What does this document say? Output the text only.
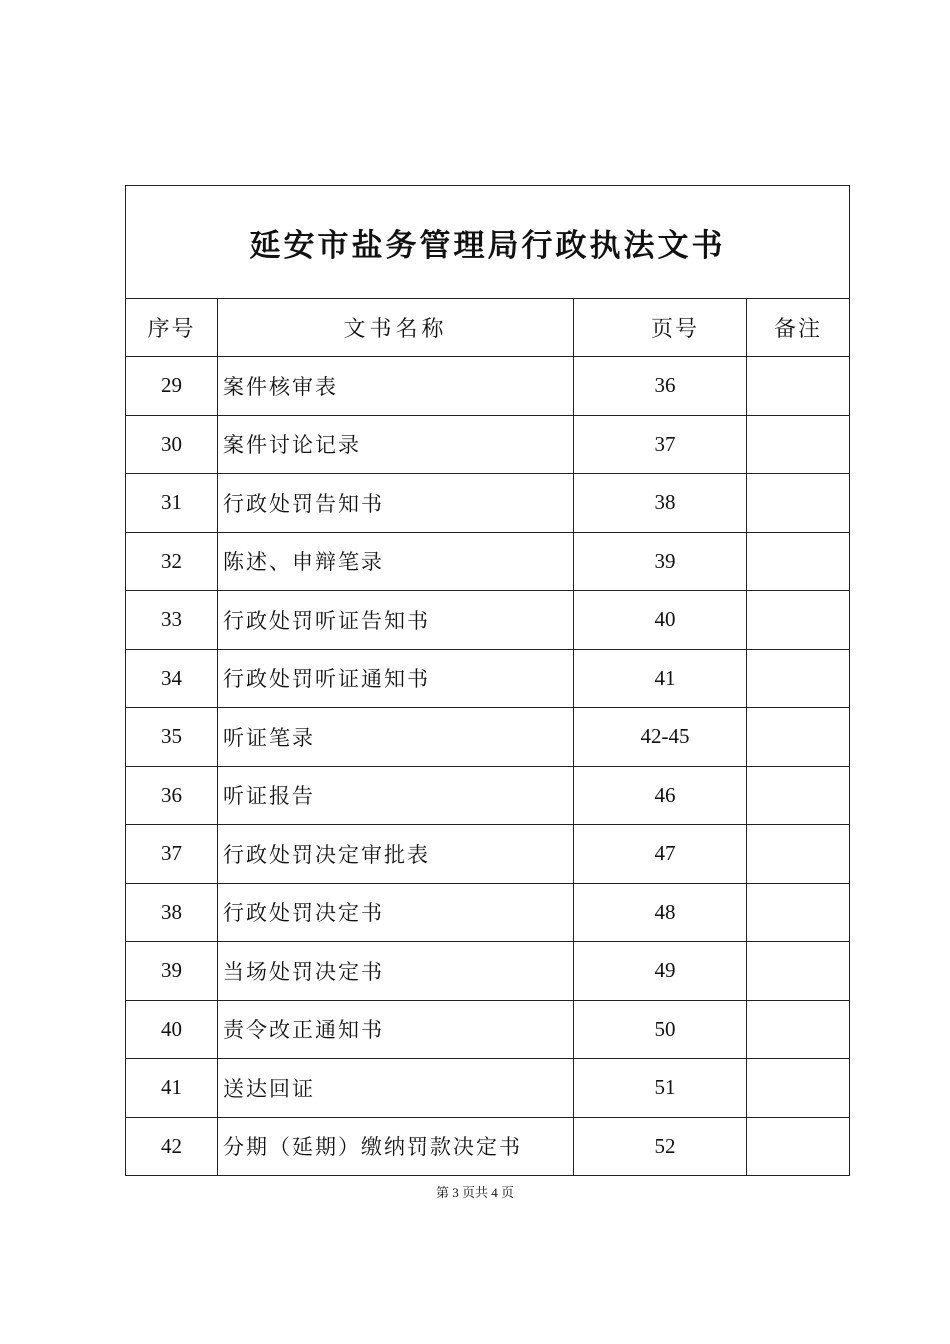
延安市盐务管理局行政执法文书			
序号	文书名称	页号	备注
29	案件核审表	36	
30	案件讨论记录	37	
31	行政处罚告知书	38	
32	陈述、申辩笔录	39	
33	行政处罚听证告知书	40	
34	行政处罚听证通知书	41	
35	听证笔录	42-45	
36	听证报告	46	
37	行政处罚决定审批表	47	
38	行政处罚决定书	48	
39	当场处罚决定书	49	
40	责令改正通知书	50	
41	送达回证	51	
42	分期（延期）缴纳罚款决定书	52	
第 3 页共 4 页
